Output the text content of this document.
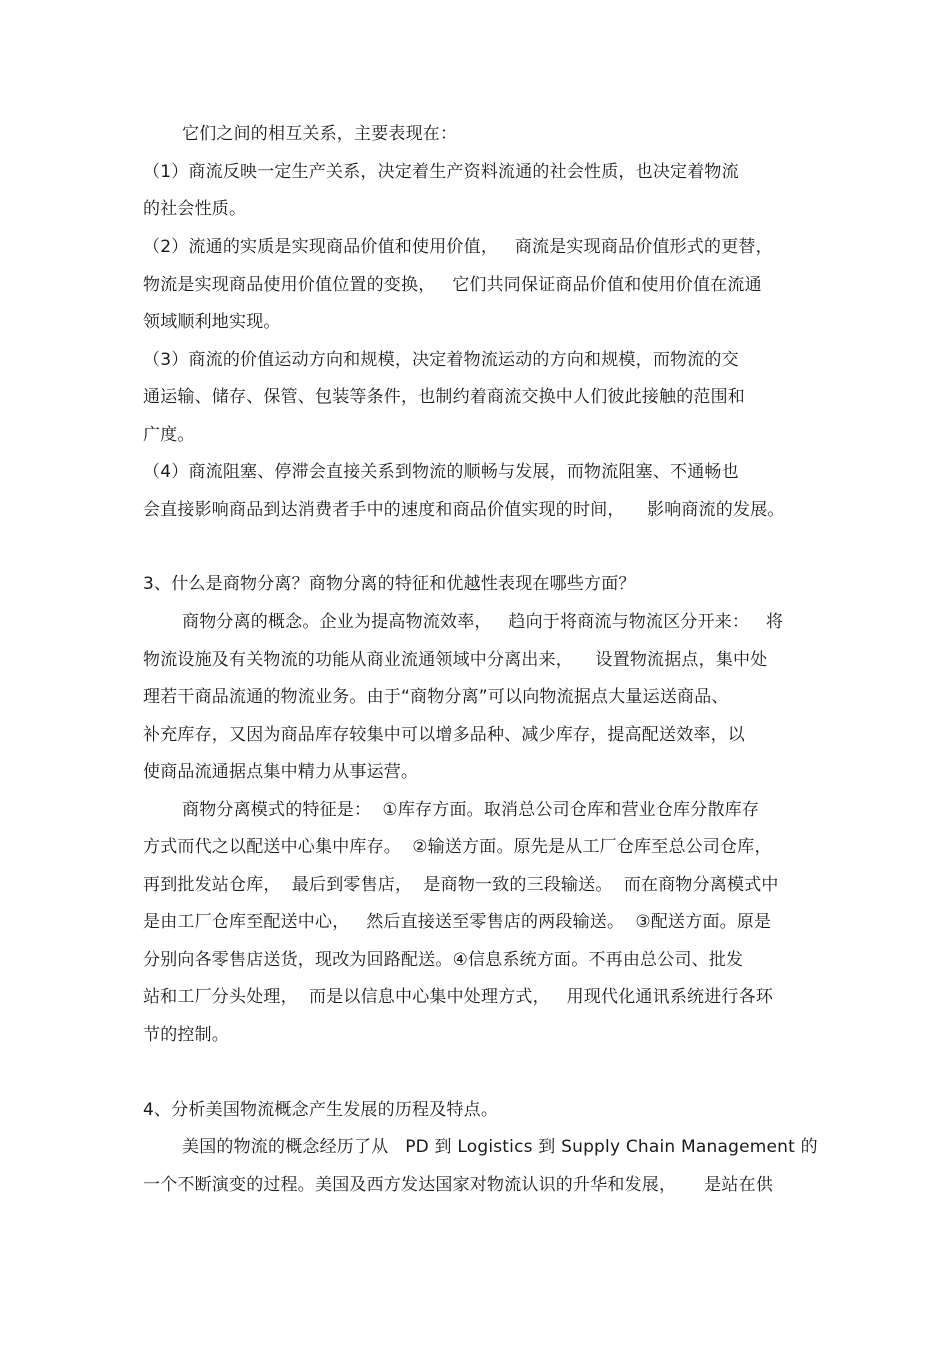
它们之间的相互关系，主要表现在：
（1）商流反映一定生产关系，决定着生产资料流通的社会性质，也决定着物流
的社会性质。
（2）流通的实质是实现商品价值和使用价值，   商流是实现商品价值形式的更替，
物流是实现商品使用价值位置的变换，   它们共同保证商品价值和使用价值在流通
领域顺利地实现。
（3）商流的价值运动方向和规模，决定着物流运动的方向和规模，而物流的交
通运输、储存、保管、包装等条件，也制约着商流交换中人们彼此接触的范围和
广度。
（4）商流阻塞、停滞会直接关系到物流的顺畅与发展，而物流阻塞、不通畅也
会直接影响商品到达消费者手中的速度和商品价值实现的时间，    影响商流的发展。
3、什么是商物分离？商物分离的特征和优越性表现在哪些方面？
商物分离的概念。企业为提高物流效率，   趋向于将商流与物流区分开来：   将
物流设施及有关物流的功能从商业流通领域中分离出来，    设置物流据点，集中处
理若干商品流通的物流业务。由于“商物分离”可以向物流据点大量运送商品、
补充库存，又因为商品库存较集中可以增多品种、减少库存，提高配送效率，以
使商品流通据点集中精力从事运营。
商物分离模式的特征是：  ①库存方面。取消总公司仓库和营业仓库分散库存
方式而代之以配送中心集中库存。  ②输送方面。原先是从工厂仓库至总公司仓库，
再到批发站仓库，  最后到零售店，  是商物一致的三段输送。  而在商物分离模式中
是由工厂仓库至配送中心，   然后直接送至零售店的两段输送。  ③配送方面。原是
分别向各零售店送货，现改为回路配送。④信息系统方面。不再由总公司、批发
站和工厂分头处理，  而是以信息中心集中处理方式，   用现代化通讯系统进行各环
节的控制。
4、分析美国物流概念产生发展的历程及特点。
美国的物流的概念经历了从   PD 到 Logistics 到 Supply Chain Management 的
一个不断演变的过程。美国及西方发达国家对物流认识的升华和发展，     是站在供
